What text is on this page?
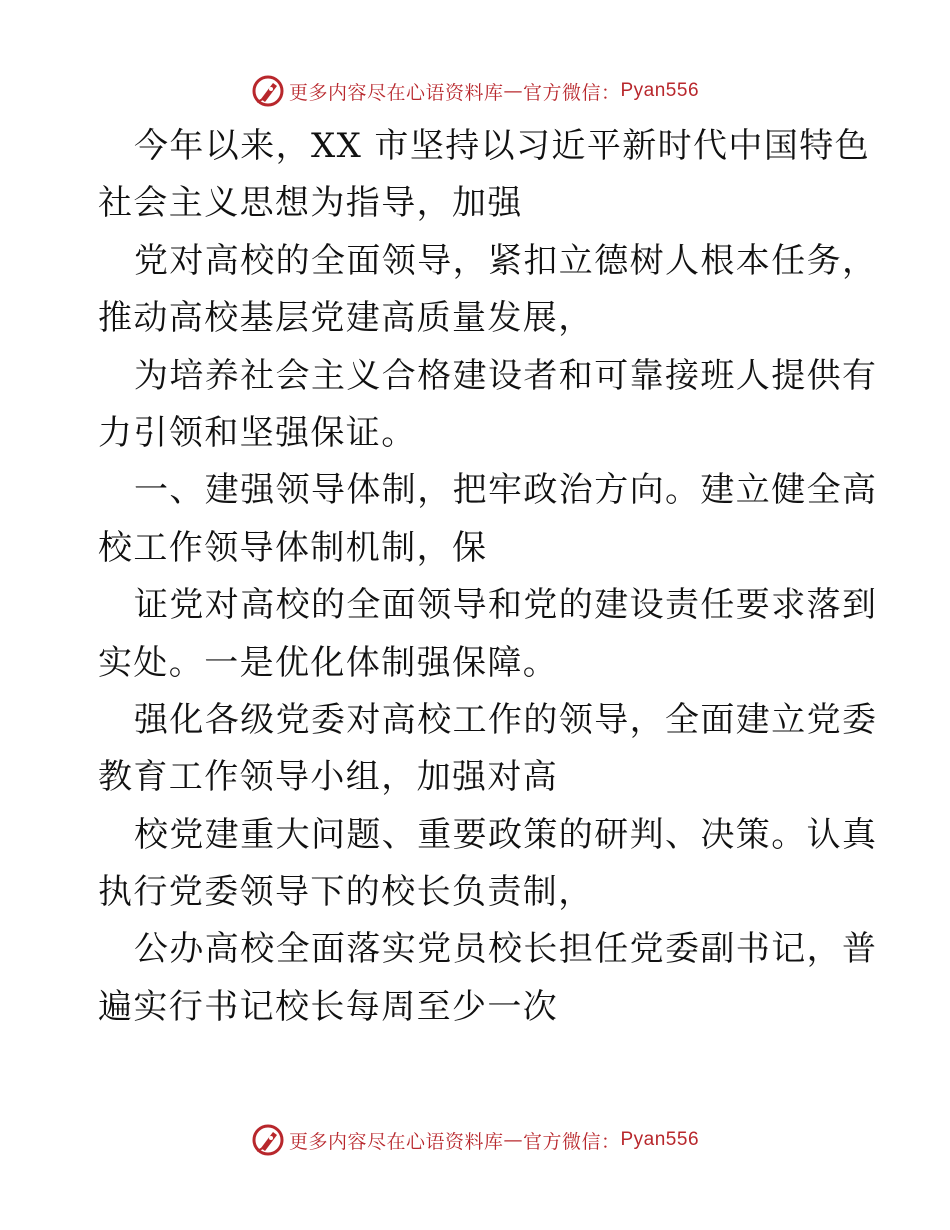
更多内容尽在心语资料库 — 官方微信： Pyan556
今年以来，XX 市坚持以习近平新时代中国特色
社会主义思想为指导，加强
党对高校的全面领导，紧扣立德树人根本任务，
推动高校基层党建高质量发展，
为培养社会主义合格建设者和可靠接班人提供有
力引领和坚强保证。
一、建强领导体制，把牢政治方向。建立健全高
校工作领导体制机制，保
证党对高校的全面领导和党的建设责任要求落到
实处。一是优化体制强保障。
强化各级党委对高校工作的领导，全面建立党委
教育工作领导小组，加强对高
校党建重大问题、重要政策的研判、决策。认真
执行党委领导下的校长负责制，
公办高校全面落实党员校长担任党委副书记，普
遍实行书记校长每周至少一次
更多内容尽在心语资料库 — 官方微信： Pyan556
